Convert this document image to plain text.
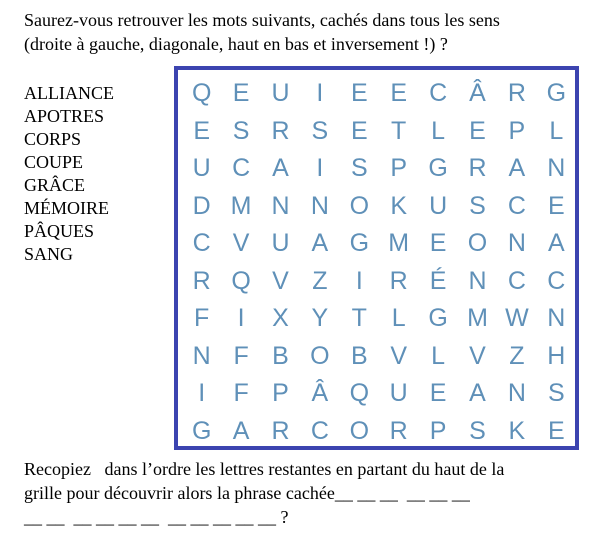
Saurez-vous retrouver les mots suivants, cachés dans tous les sens
(droite à gauche, diagonale, haut en bas et inversement !) ?
ALLIANCE
APOTRES
CORPS
COUPE
GRÂCE
MÉMOIRE
PÂQUES
SANG
Q E U	I	E E C Â R G
E S R S E T L E P L
U C A	I	S P G R A N
D M N N O K U S C E
C V U A G M E O N A
R Q V Z	I	R É N C C
F	I	X Y T L G M W N
N F B O B V L V Z H
I	F P Â Q U E A N S
G A R C O R P S K E
Recopiez   dans l’ordre les lettres restantes en partant du haut de la
grille pour découvrir alors la phrase cachée__ __ __  __ __ __
__ __  __ __ __ __  __ __ __ __ __ ?
